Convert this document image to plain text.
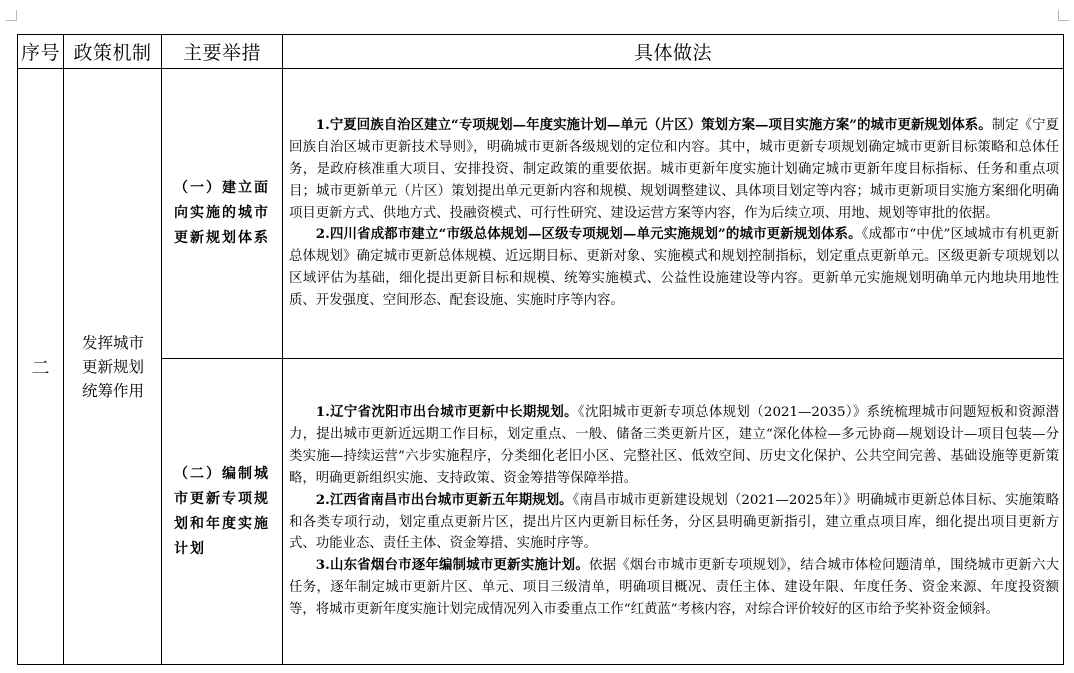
序号	政策机制	主要举措	具体做法
二	发挥城市更新规划统筹作用	（一）建立面向实施的城市更新规划体系	1.宁夏回族自治区建立“专项规划—年度实施计划—单元（片区）策划方案—项目实施方案”的城市更新规划体系。制定《宁夏回族自治区城市更新技术导则》，明确城市更新各级规划的定位和内容。其中，城市更新专项规划确定城市更新目标策略和总体任务，是政府核准重大项目、安排投资、制定政策的重要依据。城市更新年度实施计划确定城市更新年度目标指标、任务和重点项目；城市更新单元（片区）策划提出单元更新内容和规模、规划调整建议、具体项目划定等内容；城市更新项目实施方案细化明确项目更新方式、供地方式、投融资模式、可行性研究、建设运营方案等内容，作为后续立项、用地、规划等审批的依据。

2.四川省成都市建立“市级总体规划—区级专项规划—单元实施规划”的城市更新规划体系。《成都市“中优”区域城市有机更新总体规划》确定城市更新总体规模、近远期目标、更新对象、实施模式和规划控制指标，划定重点更新单元。区级更新专项规划以区域评估为基础，细化提出更新目标和规模、统筹实施模式、公益性设施建设等内容。更新单元实施规划明确单元内地块用地性质、开发强度、空间形态、配套设施、实施时序等内容。

		（二）编制城市更新专项规划和年度实施计划	1.辽宁省沈阳市出台城市更新中长期规划。《沈阳城市更新专项总体规划（2021—2035）》系统梳理城市问题短板和资源潜力，提出城市更新近远期工作目标，划定重点、一般、储备三类更新片区，建立“深化体检—多元协商—规划设计—项目包装—分类实施—持续运营”六步实施程序，分类细化老旧小区、完整社区、低效空间、历史文化保护、公共空间完善、基础设施等更新策略，明确更新组织实施、支持政策、资金筹措等保障举措。

2.江西省南昌市出台城市更新五年期规划。《南昌市城市更新建设规划（2021—2025年）》明确城市更新总体目标、实施策略和各类专项行动，划定重点更新片区，提出片区内更新目标任务，分区县明确更新指引，建立重点项目库，细化提出项目更新方式、功能业态、责任主体、资金筹措、实施时序等。

3.山东省烟台市逐年编制城市更新实施计划。依据《烟台市城市更新专项规划》，结合城市体检问题清单，围绕城市更新六大任务，逐年制定城市更新片区、单元、项目三级清单，明确项目概况、责任主体、建设年限、年度任务、资金来源、年度投资额等，将城市更新年度实施计划完成情况列入市委重点工作“红黄蓝”考核内容，对综合评价较好的区市给予奖补资金倾斜。
